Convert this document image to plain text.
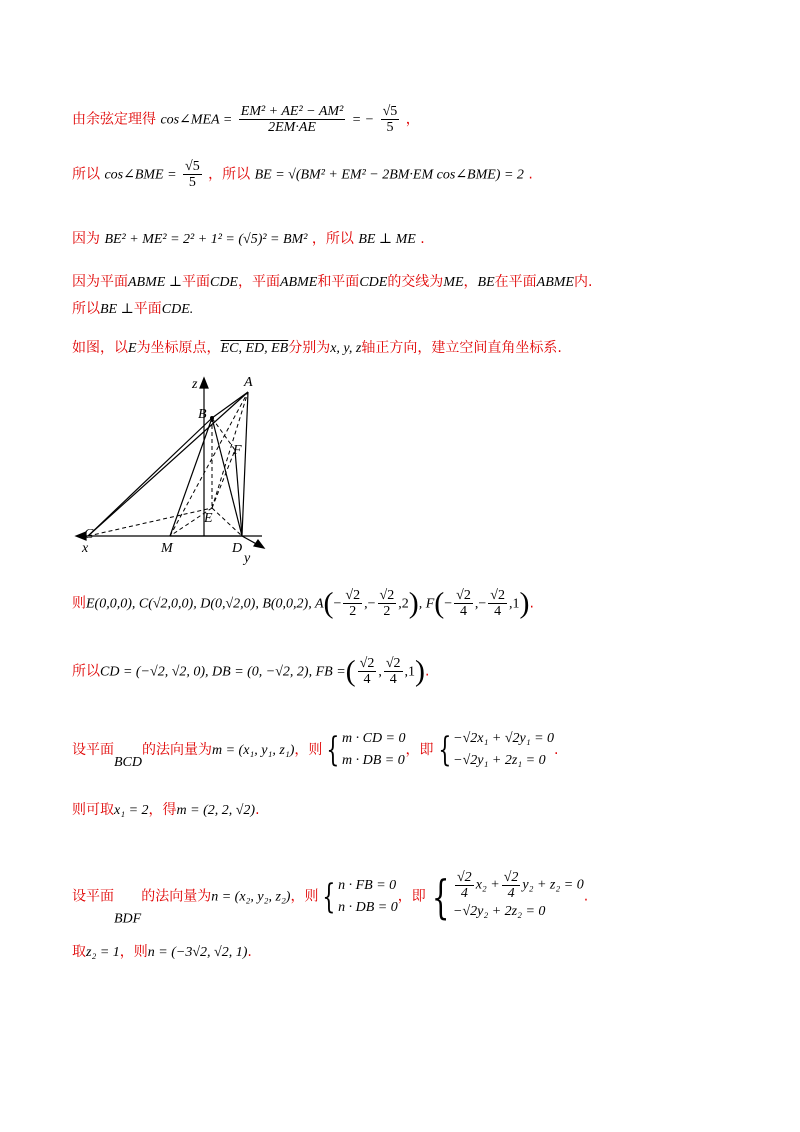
由余弦定理得 cos∠MEA = $\frac{\text{EM² + AE² − AM²}}{2EM\cdot AE}$ = − $\frac{√5}{5}$ ，
所以 cos∠BME = $\frac{√5}{5}$ ，所以 BE = √(BM² + EM² − 2BM·EM cos∠BME) = 2 .
因为 BE² + ME² = 2² + 1² = (√5)² = BM² ，所以 BE ⊥ ME .
因为平面ABME ⊥平面CDE，平面ABME和平面CDE的交线为ME，BE在平面ABME内.
所以BE ⊥平面CDE.
如图，以E为坐标原点，EC, ED, EB分别为x, y, z轴正方向，建立空间直角坐标系.
z	A
B
F
E
C
x	M	D
y
则E(0,0,0), C(√2,0,0), D(0,√2,0), B(0,0,2), $A(- \frac{√2}{2}$ ,− $\frac{√2}{2} ,2$), $F(- \frac{√2}{4}$ ,− $\frac{√2}{4} ,1$).
所以CD = (−√2, √2, 0), DB = (0, −√2, 2), FB =( $\frac{√2}{4}$ , $\frac{√2}{4} ,1$).
设平面BCD的法向量为m = (x₁, y₁, z₁)，则 { m · CD = 0
m · DB = 0
，即 { −√2x₁ + √2y₁ = 0
−√2y₁ + 2z₁ = 0
.
则可取x₁ = 2，得m = (2, 2, √2).
设平面BDF的法向量为n = (x₂, y₂, z₂)，则 { n · FB = 0
n · DB = 0
，即 { $\frac{√2}{4} x_2 + \frac{√2}{4} y_2 + z_2 = 0$
−√2y₂ + 2z₂ = 0
.
取z₂ = 1，则n = (−3√2, √2, 1).
